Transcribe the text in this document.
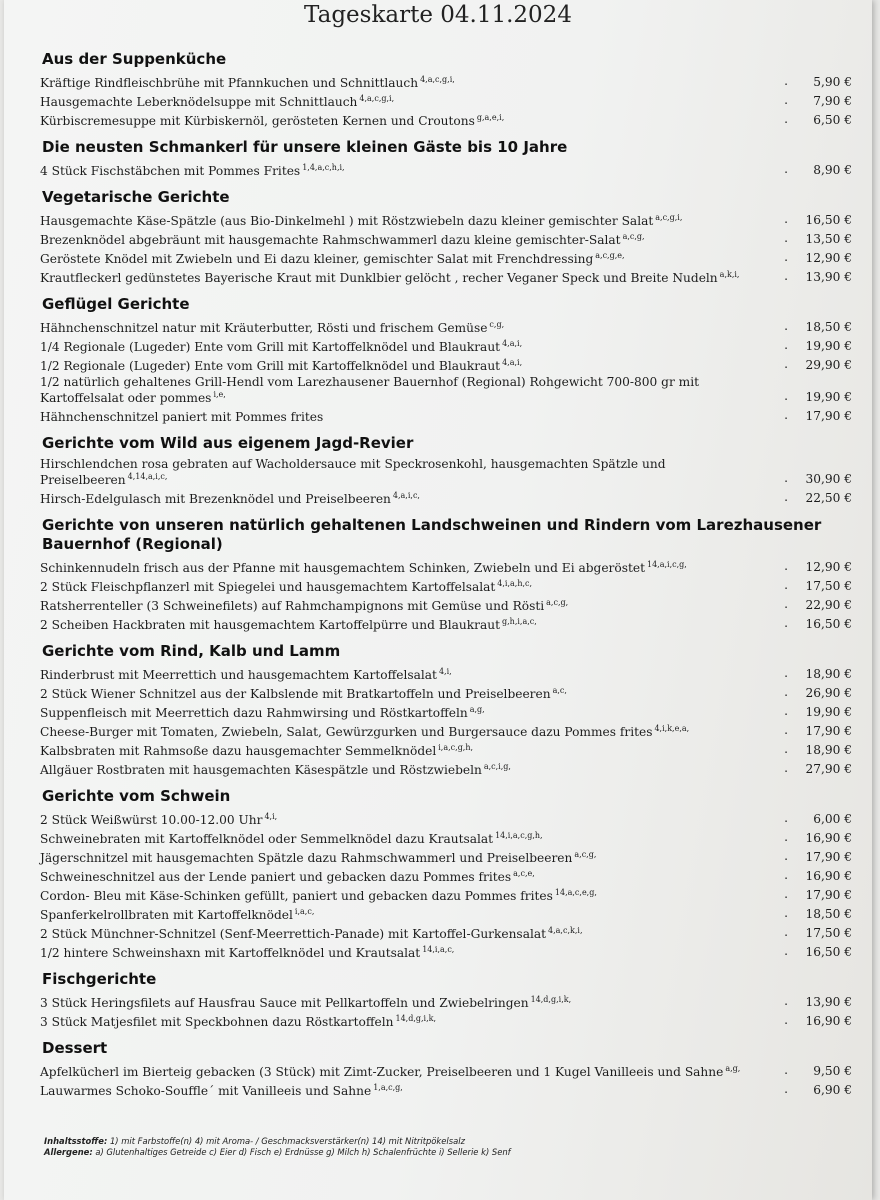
Tageskarte 04.11.2024
Aus der Suppenküche
Kräftige Rindfleischbrühe mit Pfannkuchen und Schnittlauch $^{4,a,c,g,i,}$	.	5,90 €
Hausgemachte Leberknödelsuppe mit Schnittlauch $^{4,a,c,g,i,}$	.	7,90 €
Kürbiscremesuppe mit Kürbiskernöl, gerösteten Kernen und Croutons $^{g,a,e,i,}$	.	6,50 €
Die neusten Schmankerl für unsere kleinen Gäste bis 10 Jahre
4 Stück Fischstäbchen mit Pommes Frites $^{1,4,a,c,h,i,}$	.	8,90 €
Vegetarische Gerichte
Hausgemachte Käse-Spätzle (aus Bio-Dinkelmehl ) mit Röstzwiebeln dazu kleiner gemischter Salat $^{a,c,g,i,}$	.	16,50 €
Brezenknödel abgebräunt mit hausgemachte Rahmschwammerl dazu kleine gemischter-Salat $^{a,c,g,}$	.	13,50 €
Geröstete Knödel mit Zwiebeln und Ei dazu kleiner, gemischter Salat mit Frenchdressing $^{a,c,g,e,}$	.	12,90 €
Krautfleckerl gedünstetes Bayerische Kraut mit Dunklbier gelöcht , recher Veganer Speck und Breite Nudeln $^{a,k,i,}$	.	13,90 €
Geflügel Gerichte
Hähnchenschnitzel natur mit Kräuterbutter, Rösti und frischem Gemüse $^{c,g,}$	.	18,50 €
1/4 Regionale (Lugeder) Ente vom Grill mit Kartoffelknödel und Blaukraut $^{4,a,i,}$	.	19,90 €
1/2 Regionale (Lugeder) Ente vom Grill mit Kartoffelknödel und Blaukraut $^{4,a,i,}$	.	29,90 €
1/2 natürlich gehaltenes Grill-Hendl vom Larezhausener Bauernhof (Regional) Rohgewicht 700-800 gr mit Kartoffelsalat oder pommes $^{i,e,}$	.	19,90 €
Hähnchenschnitzel paniert mit Pommes frites	.	17,90 €
Gerichte vom Wild aus eigenem Jagd-Revier
Hirschlendchen rosa gebraten auf Wacholdersauce mit Speckrosenkohl, hausgemachten Spätzle und Preiselbeeren $^{4,14,a,i,c,}$	.	30,90 €
Hirsch-Edelgulasch mit Brezenknödel und Preiselbeeren $^{4,a,i,c,}$	.	22,50 €
Gerichte von unseren natürlich gehaltenen Landschweinen und Rindern vom Larezhausener Bauernhof (Regional)
Schinkennudeln frisch aus der Pfanne mit hausgemachtem Schinken, Zwiebeln und Ei abgeröstet $^{14,a,i,c,g,}$	.	12,90 €
2 Stück Fleischpflanzerl mit Spiegelei und hausgemachtem Kartoffelsalat $^{4,i,a,h,c,}$	.	17,50 €
Ratsherrenteller (3 Schweinefilets) auf Rahmchampignons mit Gemüse und Rösti $^{a,c,g,}$	.	22,90 €
2 Scheiben Hackbraten mit hausgemachtem Kartoffelpürre und Blaukraut $^{g,h,i,a,c,}$	.	16,50 €
Gerichte vom Rind, Kalb und Lamm
Rinderbrust mit Meerrettich und hausgemachtem Kartoffelsalat $^{4,i,}$	.	18,90 €
2 Stück Wiener Schnitzel aus der Kalbslende mit Bratkartoffeln und Preiselbeeren $^{a,c,}$	.	26,90 €
Suppenfleisch mit Meerrettich dazu Rahmwirsing und Röstkartoffeln $^{a,g,}$	.	19,90 €
Cheese-Burger mit Tomaten, Zwiebeln, Salat, Gewürzgurken und Burgersauce dazu Pommes frites $^{4,i,k,e,a,}$	.	17,90 €
Kalbsbraten mit Rahmsoße dazu hausgemachter Semmelknödel $^{i,a,c,g,h,}$	.	18,90 €
Allgäuer Rostbraten mit hausgemachten Käsespätzle und Röstzwiebeln $^{a,c,i,g,}$	.	27,90 €
Gerichte vom Schwein
2 Stück Weißwürst 10.00-12.00 Uhr $^{4,i,}$	.	6,00 €
Schweinebraten mit Kartoffelknödel oder Semmelknödel dazu Krautsalat $^{14,i,a,c,g,h,}$	.	16,90 €
Jägerschnitzel mit hausgemachten Spätzle dazu Rahmschwammerl und Preiselbeeren $^{a,c,g,}$	.	17,90 €
Schweineschnitzel aus der Lende paniert und gebacken dazu Pommes frites $^{a,c,e,}$	.	16,90 €
Cordon- Bleu mit Käse-Schinken gefüllt, paniert und gebacken dazu Pommes frites $^{14,a,c,e,g,}$	.	17,90 €
Spanferkelrollbraten mit Kartoffelknödel $^{i,a,c,}$	.	18,50 €
2 Stück Münchner-Schnitzel (Senf-Meerrettich-Panade) mit Kartoffel-Gurkensalat $^{4,a,c,k,i,}$	.	17,50 €
1/2 hintere Schweinshaxn mit Kartoffelknödel und Krautsalat $^{14,i,a,c,}$	.	16,50 €
Fischgerichte
3 Stück Heringsfilets auf Hausfrau Sauce mit Pellkartoffeln und Zwiebelringen $^{14,d,g,i,k,}$	.	13,90 €
3 Stück Matjesfilet mit Speckbohnen dazu Röstkartoffeln $^{14,d,g,i,k,}$	.	16,90 €
Dessert
Apfelkücherl im Bierteig gebacken (3 Stück) mit Zimt-Zucker, Preiselbeeren und 1 Kugel Vanilleeis und Sahne $^{a,g,}$	.	9,50 €
Lauwarmes Schoko-Souffle´ mit Vanilleeis und Sahne $^{1,a,c,g,}$	.	6,90 €
Inhaltsstoffe: 1) mit Farbstoffe(n) 4) mit Aroma- / Geschmacksverstärker(n) 14) mit Nitritpökelsalz
Allergene: a) Glutenhaltiges Getreide c) Eier d) Fisch e) Erdnüsse g) Milch h) Schalenfrüchte i) Sellerie k) Senf
